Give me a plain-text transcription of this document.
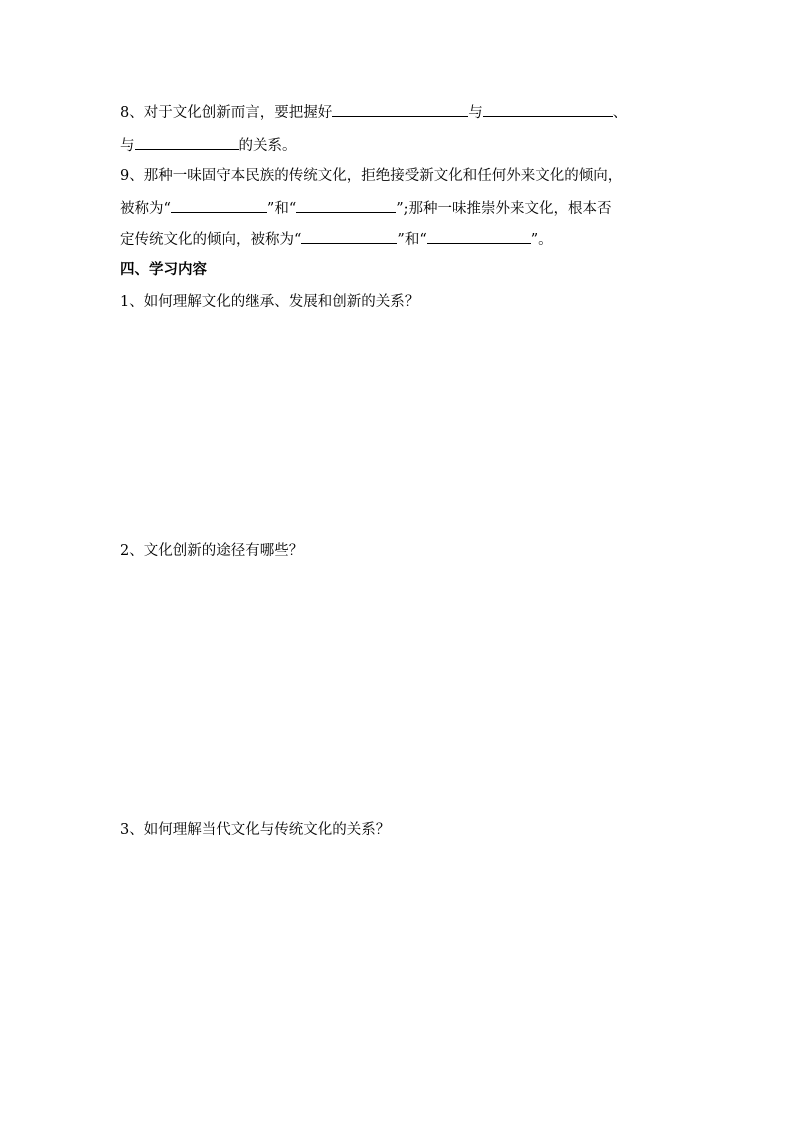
8、对于文化创新而言，要把握好	与	、
与	的关系。
9、那种一味固守本民族的传统文化，拒绝接受新文化和任何外来文化的倾向，
被称为“	”和“	”;那种一味推崇外来文化，根本否
定传统文化的倾向，被称为“	”和“	”。
四、学习内容
1、如何理解文化的继承、发展和创新的关系？
2、文化创新的途径有哪些？
3、如何理解当代文化与传统文化的关系？
